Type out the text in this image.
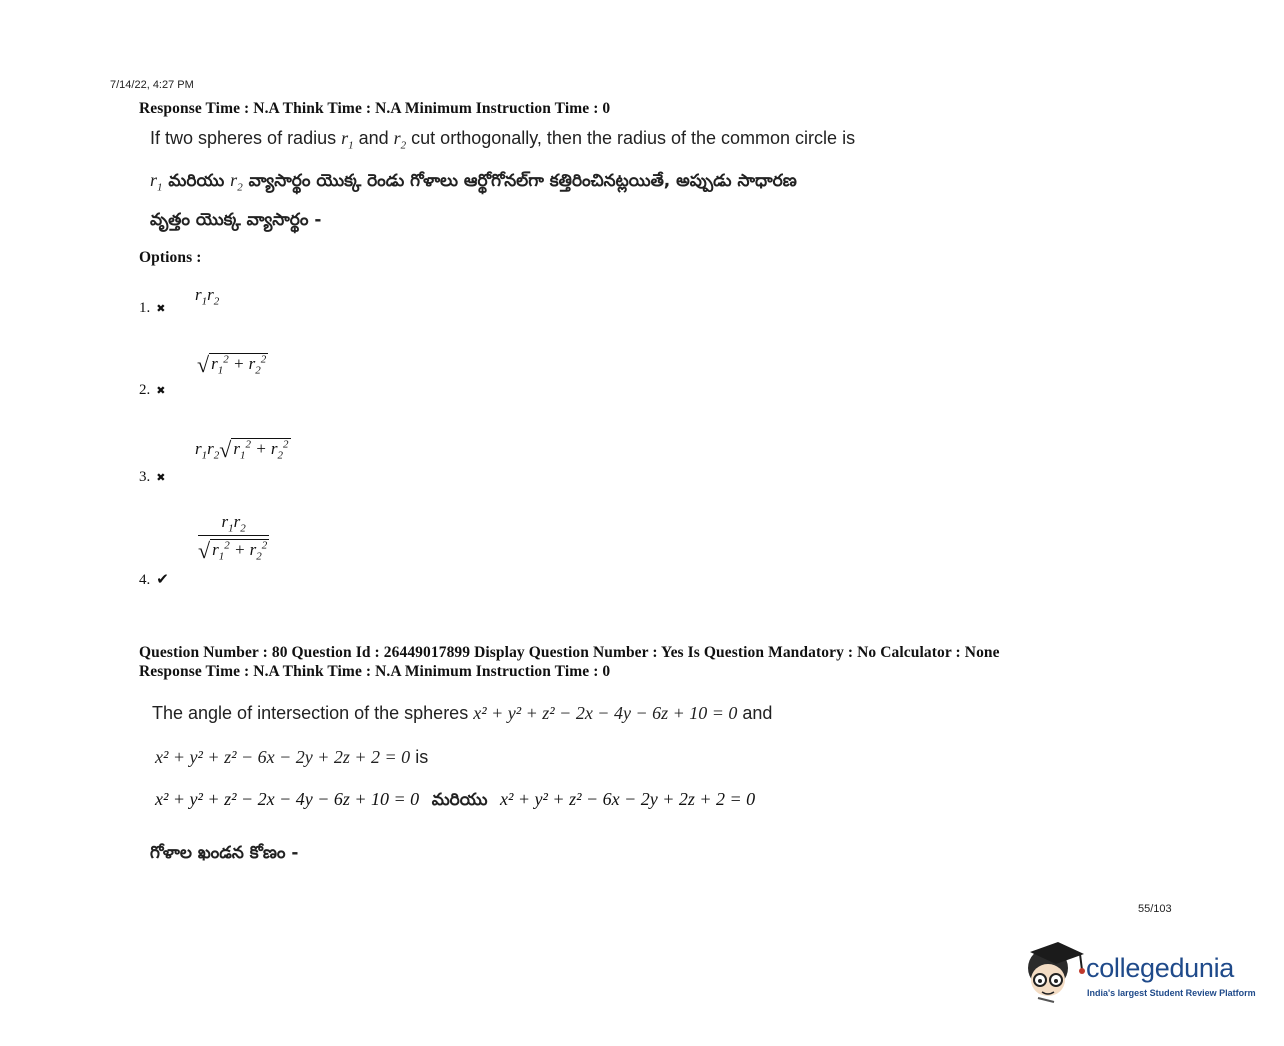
7/14/22, 4:27 PM
Response Time : N.A Think Time : N.A Minimum Instruction Time : 0
If two spheres of radius $r_1$ and $r_2$ cut orthogonally, then the radius of the common circle is
$r_1$ మరియు $r_2$ వ్యాసార్థం యొక్క రెండు గోళాలు ఆర్థోగోనల్‌గా కత్తిరించినట్లయితే, అప్పుడు సాధారణ
వృత్తం యొక్క వ్యాసార్థం -
Options :
$r_1r_2$
1. ✖
√ $r_1^2 + r_2^2$
2. ✖
$r_1r_2√$ $r_1^2 + r_2^2$
3. ✖
$\frac{r_1r_2}{√ r_1^2 + r_2^2}$
4. ✔
Question Number : 80 Question Id : 26449017899 Display Question Number : Yes Is Question Mandatory : No Calculator : None
Response Time : N.A Think Time : N.A Minimum Instruction Time : 0
The angle of intersection of the spheres x² + y² + z² − 2x − 4y − 6z + 10 = 0 and
x² + y² + z² − 6x − 2y + 2z + 2 = 0 is
x² + y² + z² − 2x − 4y − 6z + 10 = 0 మరియు x² + y² + z² − 6x − 2y + 2z + 2 = 0
గోళాల ఖండన కోణం -
55/103
collegedunia
India's largest Student Review Platform
